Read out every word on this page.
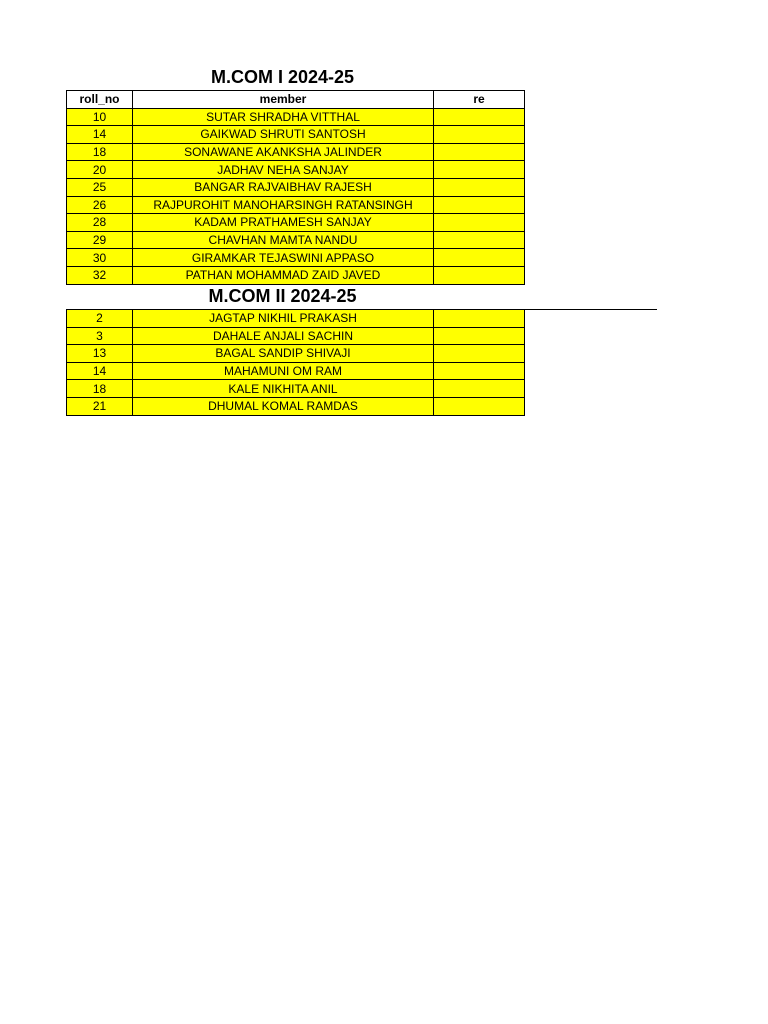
M.COM I 2024-25
roll_no	member	re
10	SUTAR SHRADHA VITTHAL	
14	GAIKWAD SHRUTI SANTOSH	
18	SONAWANE AKANKSHA JALINDER	
20	JADHAV NEHA SANJAY	
25	BANGAR RAJVAIBHAV RAJESH	
26	RAJPUROHIT MANOHARSINGH RATANSINGH	
28	KADAM PRATHAMESH SANJAY	
29	CHAVHAN MAMTA NANDU	
30	GIRAMKAR TEJASWINI APPASO	
32	PATHAN MOHAMMAD ZAID JAVED	
M.COM II 2024-25
2	JAGTAP NIKHIL PRAKASH	
3	DAHALE ANJALI SACHIN	
13	BAGAL SANDIP SHIVAJI	
14	MAHAMUNI OM RAM	
18	KALE NIKHITA ANIL	
21	DHUMAL KOMAL RAMDAS	
